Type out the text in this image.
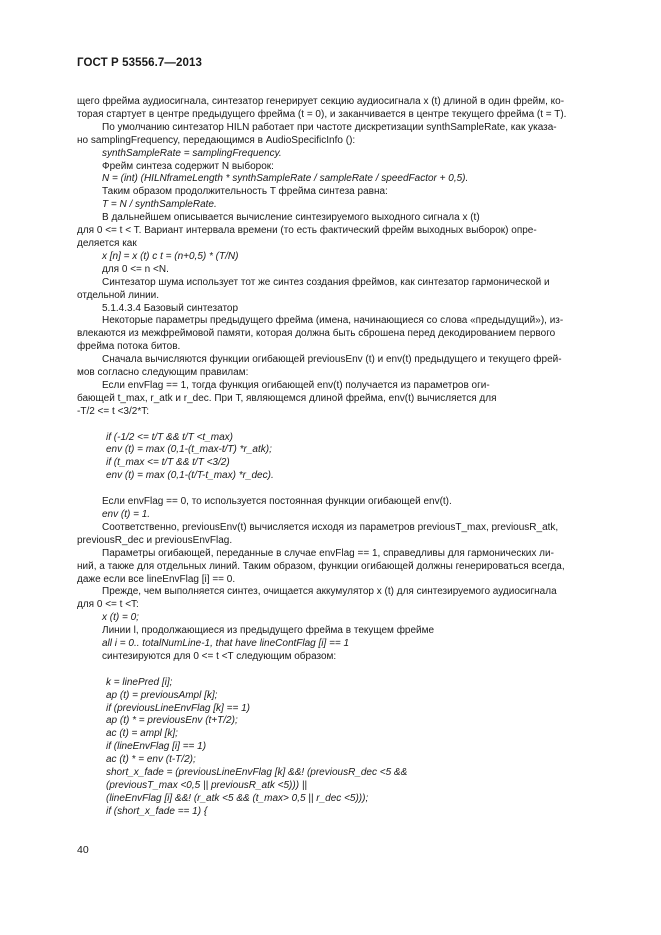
ГОСТ Р 53556.7—2013

щего фрейма аудиосигнала, синтезатор генерирует секцию аудиосигнала x (t) длиной в один фрейм, ко-

торая стартует в центре предыдущего фрейма (t = 0), и заканчивается в центре текущего фрейма (t = T).

По умолчанию синтезатор HILN работает при частоте дискретизации synthSampleRate, как указа-

но samplingFrequency, передающимся в AudioSpecificInfo ():

synthSampleRate = samplingFrequency.

Фрейм синтеза содержит N выборок:

N = (int) (HILNframeLength * synthSampleRate / sampleRate / speedFactor + 0,5).

Таким образом продолжительность T фрейма синтеза равна:

T = N / synthSampleRate.

В дальнейшем описывается вычисление синтезируемого выходного сигнала x (t)

для 0 <= t < T. Вариант интервала времени (то есть фактический фрейм выходных выборок) опре-

деляется как

x [n] = x (t) с t = (n+0,5) * (T/N)

для 0 <= n <N.

Синтезатор шума использует тот же синтез создания фреймов, как синтезатор гармонической и

отдельной линии.

5.1.4.3.4 Базовый синтезатор

Некоторые параметры предыдущего фрейма (имена, начинающиеся со слова «предыдущий»), из-

влекаются из межфреймовой памяти, которая должна быть сброшена перед декодированием первого

фрейма потока битов.

Сначала вычисляются функции огибающей previousEnv (t) и env(t) предыдущего и текущего фрей-

мов согласно следующим правилам:

Если envFlag == 1, тогда функция огибающей env(t) получается из параметров оги-

бающей t_max, r_atk и r_dec. При T, являющемся длиной фрейма, env(t) вычисляется для

-T/2 <= t <3/2*T:

if (-1/2 <= t/T && t/T <t_max)

env (t) = max (0,1-(t_max-t/T) *r_atk);

if (t_max <= t/T && t/T <3/2)

env (t) = max (0,1-(t/T-t_max) *r_dec).

Если envFlag == 0, то используется постоянная функции огибающей env(t).

env (t) = 1.

Соответственно, previousEnv(t) вычисляется исходя из параметров previousT_max, previousR_atk,

previousR_dec и previousEnvFlag.

Параметры огибающей, переданные в случае envFlag == 1, справедливы для гармонических ли-

ний, а также для отдельных линий. Таким образом, функции огибающей должны генерироваться всегда,

даже если все lineEnvFlag [i] == 0.

Прежде, чем выполняется синтез, очищается аккумулятор x (t) для синтезируемого аудиосигнала

для 0 <= t <T:

x (t) = 0;

Линии l, продолжающиеся из предыдущего фрейма в текущем фрейме

all i = 0.. totalNumLine-1, that have lineContFlag [i] == 1

синтезируются для 0 <= t <T следующим образом:

k = linePred [i];

ap (t) = previousAmpl [k];

if (previousLineEnvFlag [k] == 1)

ap (t) * = previousEnv (t+T/2);

ac (t) = ampl [k];

if (lineEnvFlag [i] == 1)

ac (t) * = env (t-T/2);

short_x_fade = (previousLineEnvFlag [k] &&! (previousR_dec <5 &&

(previousT_max <0,5 || previousR_atk <5))) ||

(lineEnvFlag [i] &&! (r_atk <5 && (t_max> 0,5 || r_dec <5)));

if (short_x_fade == 1) {

40
